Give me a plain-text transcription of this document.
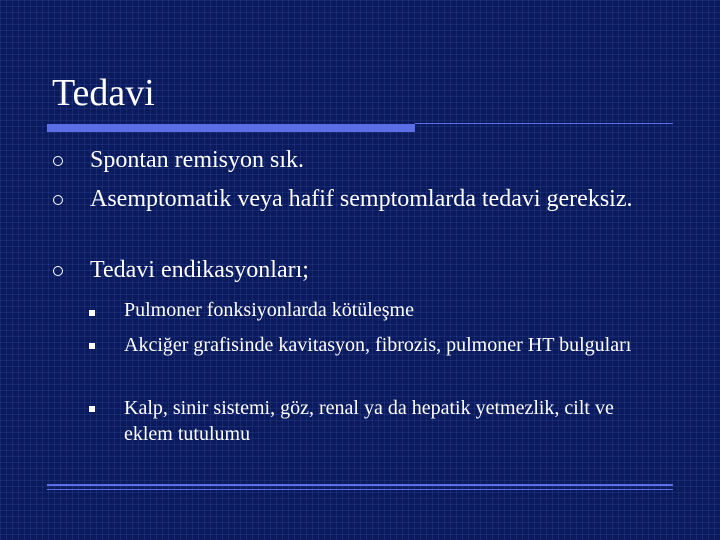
Tedavi
Spontan remisyon sık.
Asemptomatik veya hafif semptomlarda tedavi gereksiz.
Tedavi endikasyonları;
Pulmoner fonksiyonlarda kötüleşme
Akciğer grafisinde kavitasyon, fibrozis, pulmoner HT bulguları
Kalp, sinir sistemi, göz, renal ya da hepatik yetmezlik, cilt ve eklem tutulumu
